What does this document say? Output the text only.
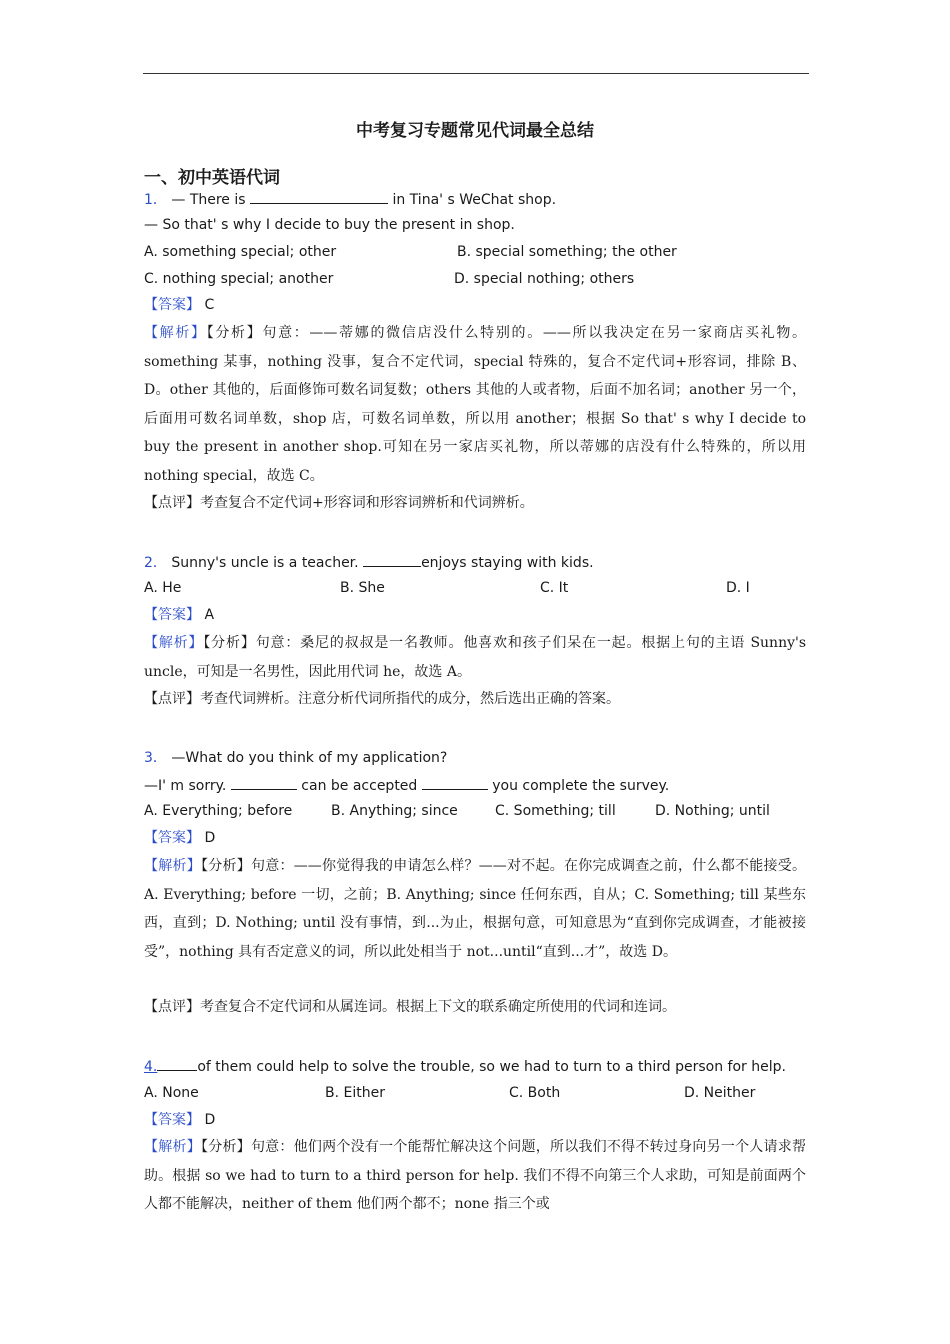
中考复习专题常见代词最全总结
一、初中英语代词
1． — There is	in Tina' s WeChat shop.
— So that' s why I decide to buy the present in shop.
A. something special; other	B. special something; the other
C. nothing special; another	D. special nothing; others
【答案】 C
【解析】【分析】句意：——蒂娜的微信店没什么特别的。——所以我决定在另一家商店买礼物。something 某事，nothing 没事，复合不定代词，special 特殊的，复合不定代词+形容词，排除 B、D。other 其他的，后面修饰可数名词复数；others 其他的人或者物，后面不加名词；another 另一个，后面用可数名词单数，shop 店，可数名词单数，所以用 another；根据 So that' s why I decide to buy the present in another shop.可知在另一家店买礼物，所以蒂娜的店没有什么特殊的，所以用 nothing special，故选 C。
【点评】考查复合不定代词+形容词和形容词辨析和代词辨析。
2． Sunny's uncle is a teacher.	enjoys staying with kids.
A. He	B. She	C. It	D. I
【答案】 A
【解析】【分析】句意：桑尼的叔叔是一名教师。他喜欢和孩子们呆在一起。根据上句的主语 Sunny's uncle，可知是一名男性，因此用代词 he，故选 A。
【点评】考查代词辨析。注意分析代词所指代的成分，然后选出正确的答案。
3． —What do you think of my application?
—I' m sorry.	can be accepted	you complete the survey.
A. Everything; before	B. Anything; since	C. Something; till	D. Nothing; until
【答案】 D
【解析】【分析】句意：——你觉得我的申请怎么样？——对不起。在你完成调查之前，什么都不能接受。A. Everything; before 一切，之前；B. Anything; since 任何东西，自从；C. Something; till 某些东西，直到；D. Nothing; until 没有事情，到...为止，根据句意，可知意思为“直到你完成调查，才能被接受”，nothing 具有否定意义的词，所以此处相当于 not...until“直到...才”，故选 D。
【点评】考查复合不定代词和从属连词。根据上下文的联系确定所使用的代词和连词。
4.	of them could help to solve the trouble, so we had to turn to a third person for help.
A. None	B. Either	C. Both	D. Neither
【答案】 D
【解析】【分析】句意：他们两个没有一个能帮忙解决这个问题，所以我们不得不转过身向另一个人请求帮助。根据 so we had to turn to a third person for help. 我们不得不向第三个人求助，可知是前面两个人都不能解决，neither of them 他们两个都不；none 指三个或
